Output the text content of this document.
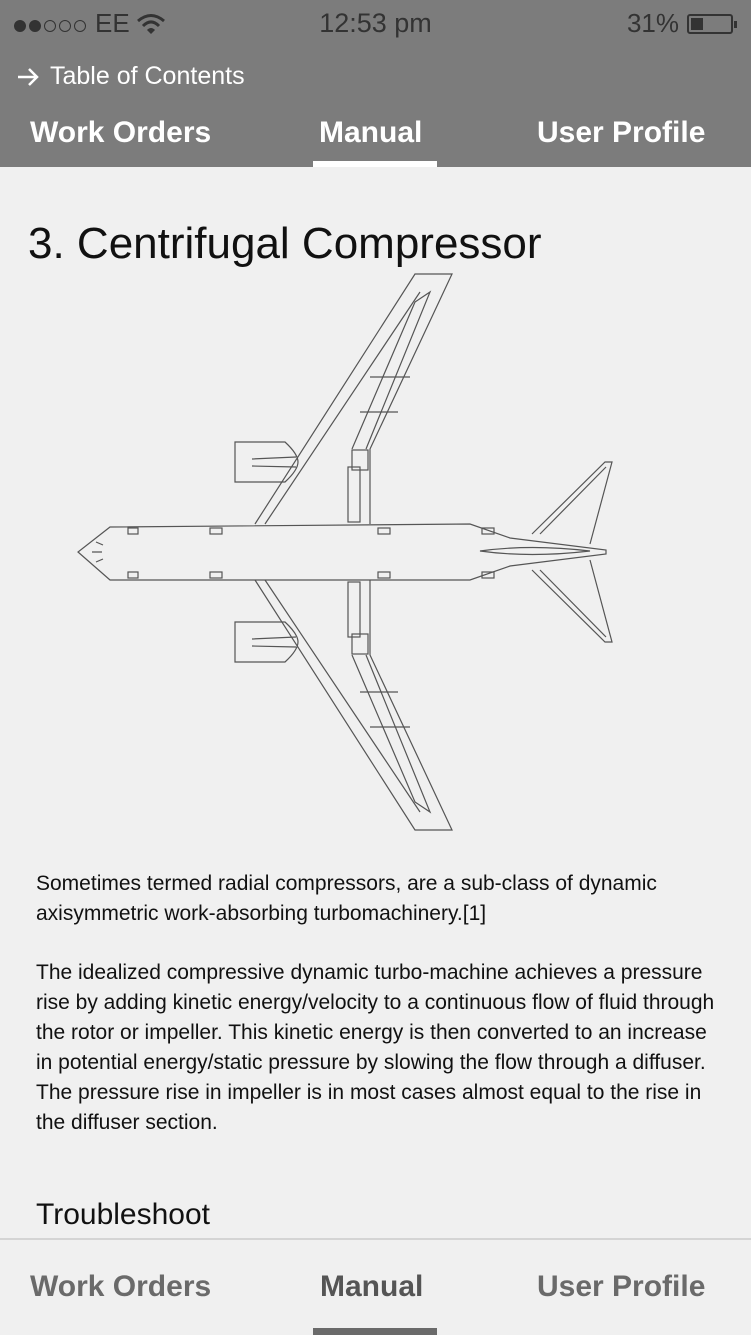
EE	12:53 pm	31%
Table of Contents
Work Orders	Manual	User Profile
3. Centrifugal Compressor

Sometimes termed radial compressors, are a sub-class of dynamic axisymmetric work-absorbing turbomachinery.[1]

The idealized compressive dynamic turbo-machine achieves a pressure rise by adding kinetic energy/velocity to a continuous flow of fluid through the rotor or impeller. This kinetic energy is then converted to an increase in potential energy/static pressure by slowing the flow through a diffuser. The pressure rise in impeller is in most cases almost equal to the rise in the diffuser section.

Troubleshoot
Work Orders	Manual	User Profile
